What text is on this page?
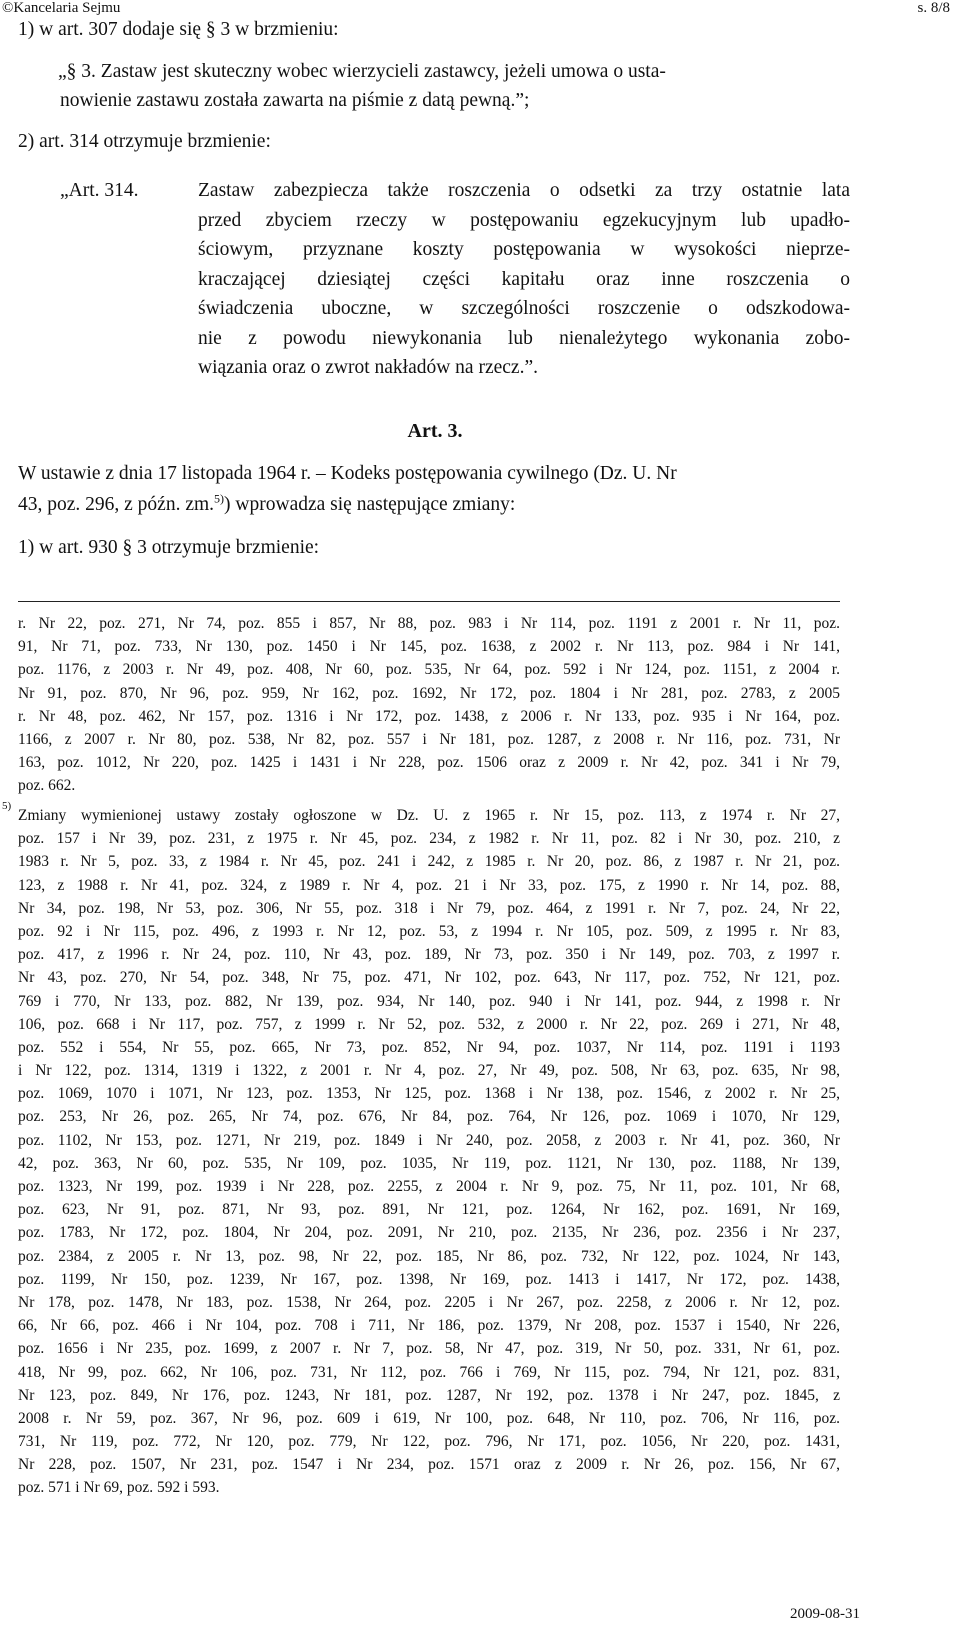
©Kancelaria Sejmu	s. 8/8
1) w art. 307 dodaje się § 3 w brzmieniu:
„§ 3. Zastaw jest skuteczny wobec wierzycieli zastawcy, jeżeli umowa o usta-
nowienie zastawu została zawarta na piśmie z datą pewną.”;
2) art. 314 otrzymuje brzmienie:
„Art. 314.	Zastaw zabezpiecza także roszczenia o odsetki za trzy ostatnie lata
przed zbyciem rzeczy w postępowaniu egzekucyjnym lub upadło-
ściowym, przyznane koszty postępowania w wysokości nieprze-
kraczającej dziesiątej części kapitału oraz inne roszczenia o
świadczenia uboczne, w szczególności roszczenie o odszkodowa-
nie z powodu niewykonania lub nienależytego wykonania zobo-
wiązania oraz o zwrot nakładów na rzecz.”.
Art. 3.
W ustawie z dnia 17 listopada 1964 r. – Kodeks postępowania cywilnego (Dz. U. Nr
43, poz. 296, z późn. zm.$^{5)}$) wprowadza się następujące zmiany:
1) w art. 930 § 3 otrzymuje brzmienie:
r. Nr 22, poz. 271, Nr 74, poz. 855 i 857, Nr 88, poz. 983 i Nr 114, poz. 1191 z 2001 r. Nr 11, poz.
91, Nr 71, poz. 733, Nr 130, poz. 1450 i Nr 145, poz. 1638, z 2002 r. Nr 113, poz. 984 i Nr 141,
poz. 1176, z 2003 r. Nr 49, poz. 408, Nr 60, poz. 535, Nr 64, poz. 592 i Nr 124, poz. 1151, z 2004 r.
Nr 91, poz. 870, Nr 96, poz. 959, Nr 162, poz. 1692, Nr 172, poz. 1804 i Nr 281, poz. 2783, z 2005
r. Nr 48, poz. 462, Nr 157, poz. 1316 i Nr 172, poz. 1438, z 2006 r. Nr 133, poz. 935 i Nr 164, poz.
1166, z 2007 r. Nr 80, poz. 538, Nr 82, poz. 557 i Nr 181, poz. 1287, z 2008 r. Nr 116, poz. 731, Nr
163, poz. 1012, Nr 220, poz. 1425 i 1431 i Nr 228, poz. 1506 oraz z 2009 r. Nr 42, poz. 341 i Nr 79,
poz. 662.
5)
Zmiany wymienionej ustawy zostały ogłoszone w Dz. U. z 1965 r. Nr 15, poz. 113, z 1974 r. Nr 27,
poz. 157 i Nr 39, poz. 231, z 1975 r. Nr 45, poz. 234, z 1982 r. Nr 11, poz. 82 i Nr 30, poz. 210, z
1983 r. Nr 5, poz. 33, z 1984 r. Nr 45, poz. 241 i 242, z 1985 r. Nr 20, poz. 86, z 1987 r. Nr 21, poz.
123, z 1988 r. Nr 41, poz. 324, z 1989 r. Nr 4, poz. 21 i Nr 33, poz. 175, z 1990 r. Nr 14, poz. 88,
Nr 34, poz. 198, Nr 53, poz. 306, Nr 55, poz. 318 i Nr 79, poz. 464, z 1991 r. Nr 7, poz. 24, Nr 22,
poz. 92 i Nr 115, poz. 496, z 1993 r. Nr 12, poz. 53, z 1994 r. Nr 105, poz. 509, z 1995 r. Nr 83,
poz. 417, z 1996 r. Nr 24, poz. 110, Nr 43, poz. 189, Nr 73, poz. 350 i Nr 149, poz. 703, z 1997 r.
Nr 43, poz. 270, Nr 54, poz. 348, Nr 75, poz. 471, Nr 102, poz. 643, Nr 117, poz. 752, Nr 121, poz.
769 i 770, Nr 133, poz. 882, Nr 139, poz. 934, Nr 140, poz. 940 i Nr 141, poz. 944, z 1998 r. Nr
106, poz. 668 i Nr 117, poz. 757, z 1999 r. Nr 52, poz. 532, z 2000 r. Nr 22, poz. 269 i 271, Nr 48,
poz. 552 i 554, Nr 55, poz. 665, Nr 73, poz. 852, Nr 94, poz. 1037, Nr 114, poz. 1191 i 1193
i Nr 122, poz. 1314, 1319 i 1322, z 2001 r. Nr 4, poz. 27, Nr 49, poz. 508, Nr 63, poz. 635, Nr 98,
poz. 1069, 1070 i 1071, Nr 123, poz. 1353, Nr 125, poz. 1368 i Nr 138, poz. 1546, z 2002 r. Nr 25,
poz. 253, Nr 26, poz. 265, Nr 74, poz. 676, Nr 84, poz. 764, Nr 126, poz. 1069 i 1070, Nr 129,
poz. 1102, Nr 153, poz. 1271, Nr 219, poz. 1849 i Nr 240, poz. 2058, z 2003 r. Nr 41, poz. 360, Nr
42, poz. 363, Nr 60, poz. 535, Nr 109, poz. 1035, Nr 119, poz. 1121, Nr 130, poz. 1188, Nr 139,
poz. 1323, Nr 199, poz. 1939 i Nr 228, poz. 2255, z 2004 r. Nr 9, poz. 75, Nr 11, poz. 101, Nr 68,
poz. 623, Nr 91, poz. 871, Nr 93, poz. 891, Nr 121, poz. 1264, Nr 162, poz. 1691, Nr 169,
poz. 1783, Nr 172, poz. 1804, Nr 204, poz. 2091, Nr 210, poz. 2135, Nr 236, poz. 2356 i Nr 237,
poz. 2384, z 2005 r. Nr 13, poz. 98, Nr 22, poz. 185, Nr 86, poz. 732, Nr 122, poz. 1024, Nr 143,
poz. 1199, Nr 150, poz. 1239, Nr 167, poz. 1398, Nr 169, poz. 1413 i 1417, Nr 172, poz. 1438,
Nr 178, poz. 1478, Nr 183, poz. 1538, Nr 264, poz. 2205 i Nr 267, poz. 2258, z 2006 r. Nr 12, poz.
66, Nr 66, poz. 466 i Nr 104, poz. 708 i 711, Nr 186, poz. 1379, Nr 208, poz. 1537 i 1540, Nr 226,
poz. 1656 i Nr 235, poz. 1699, z 2007 r. Nr 7, poz. 58, Nr 47, poz. 319, Nr 50, poz. 331, Nr 61, poz.
418, Nr 99, poz. 662, Nr 106, poz. 731, Nr 112, poz. 766 i 769, Nr 115, poz. 794, Nr 121, poz. 831,
Nr 123, poz. 849, Nr 176, poz. 1243, Nr 181, poz. 1287, Nr 192, poz. 1378 i Nr 247, poz. 1845, z
2008 r. Nr 59, poz. 367, Nr 96, poz. 609 i 619, Nr 100, poz. 648, Nr 110, poz. 706, Nr 116, poz.
731, Nr 119, poz. 772, Nr 120, poz. 779, Nr 122, poz. 796, Nr 171, poz. 1056, Nr 220, poz. 1431,
Nr 228, poz. 1507, Nr 231, poz. 1547 i Nr 234, poz. 1571 oraz z 2009 r. Nr 26, poz. 156, Nr 67,
poz. 571 i Nr 69, poz. 592 i 593.
2009-08-31
